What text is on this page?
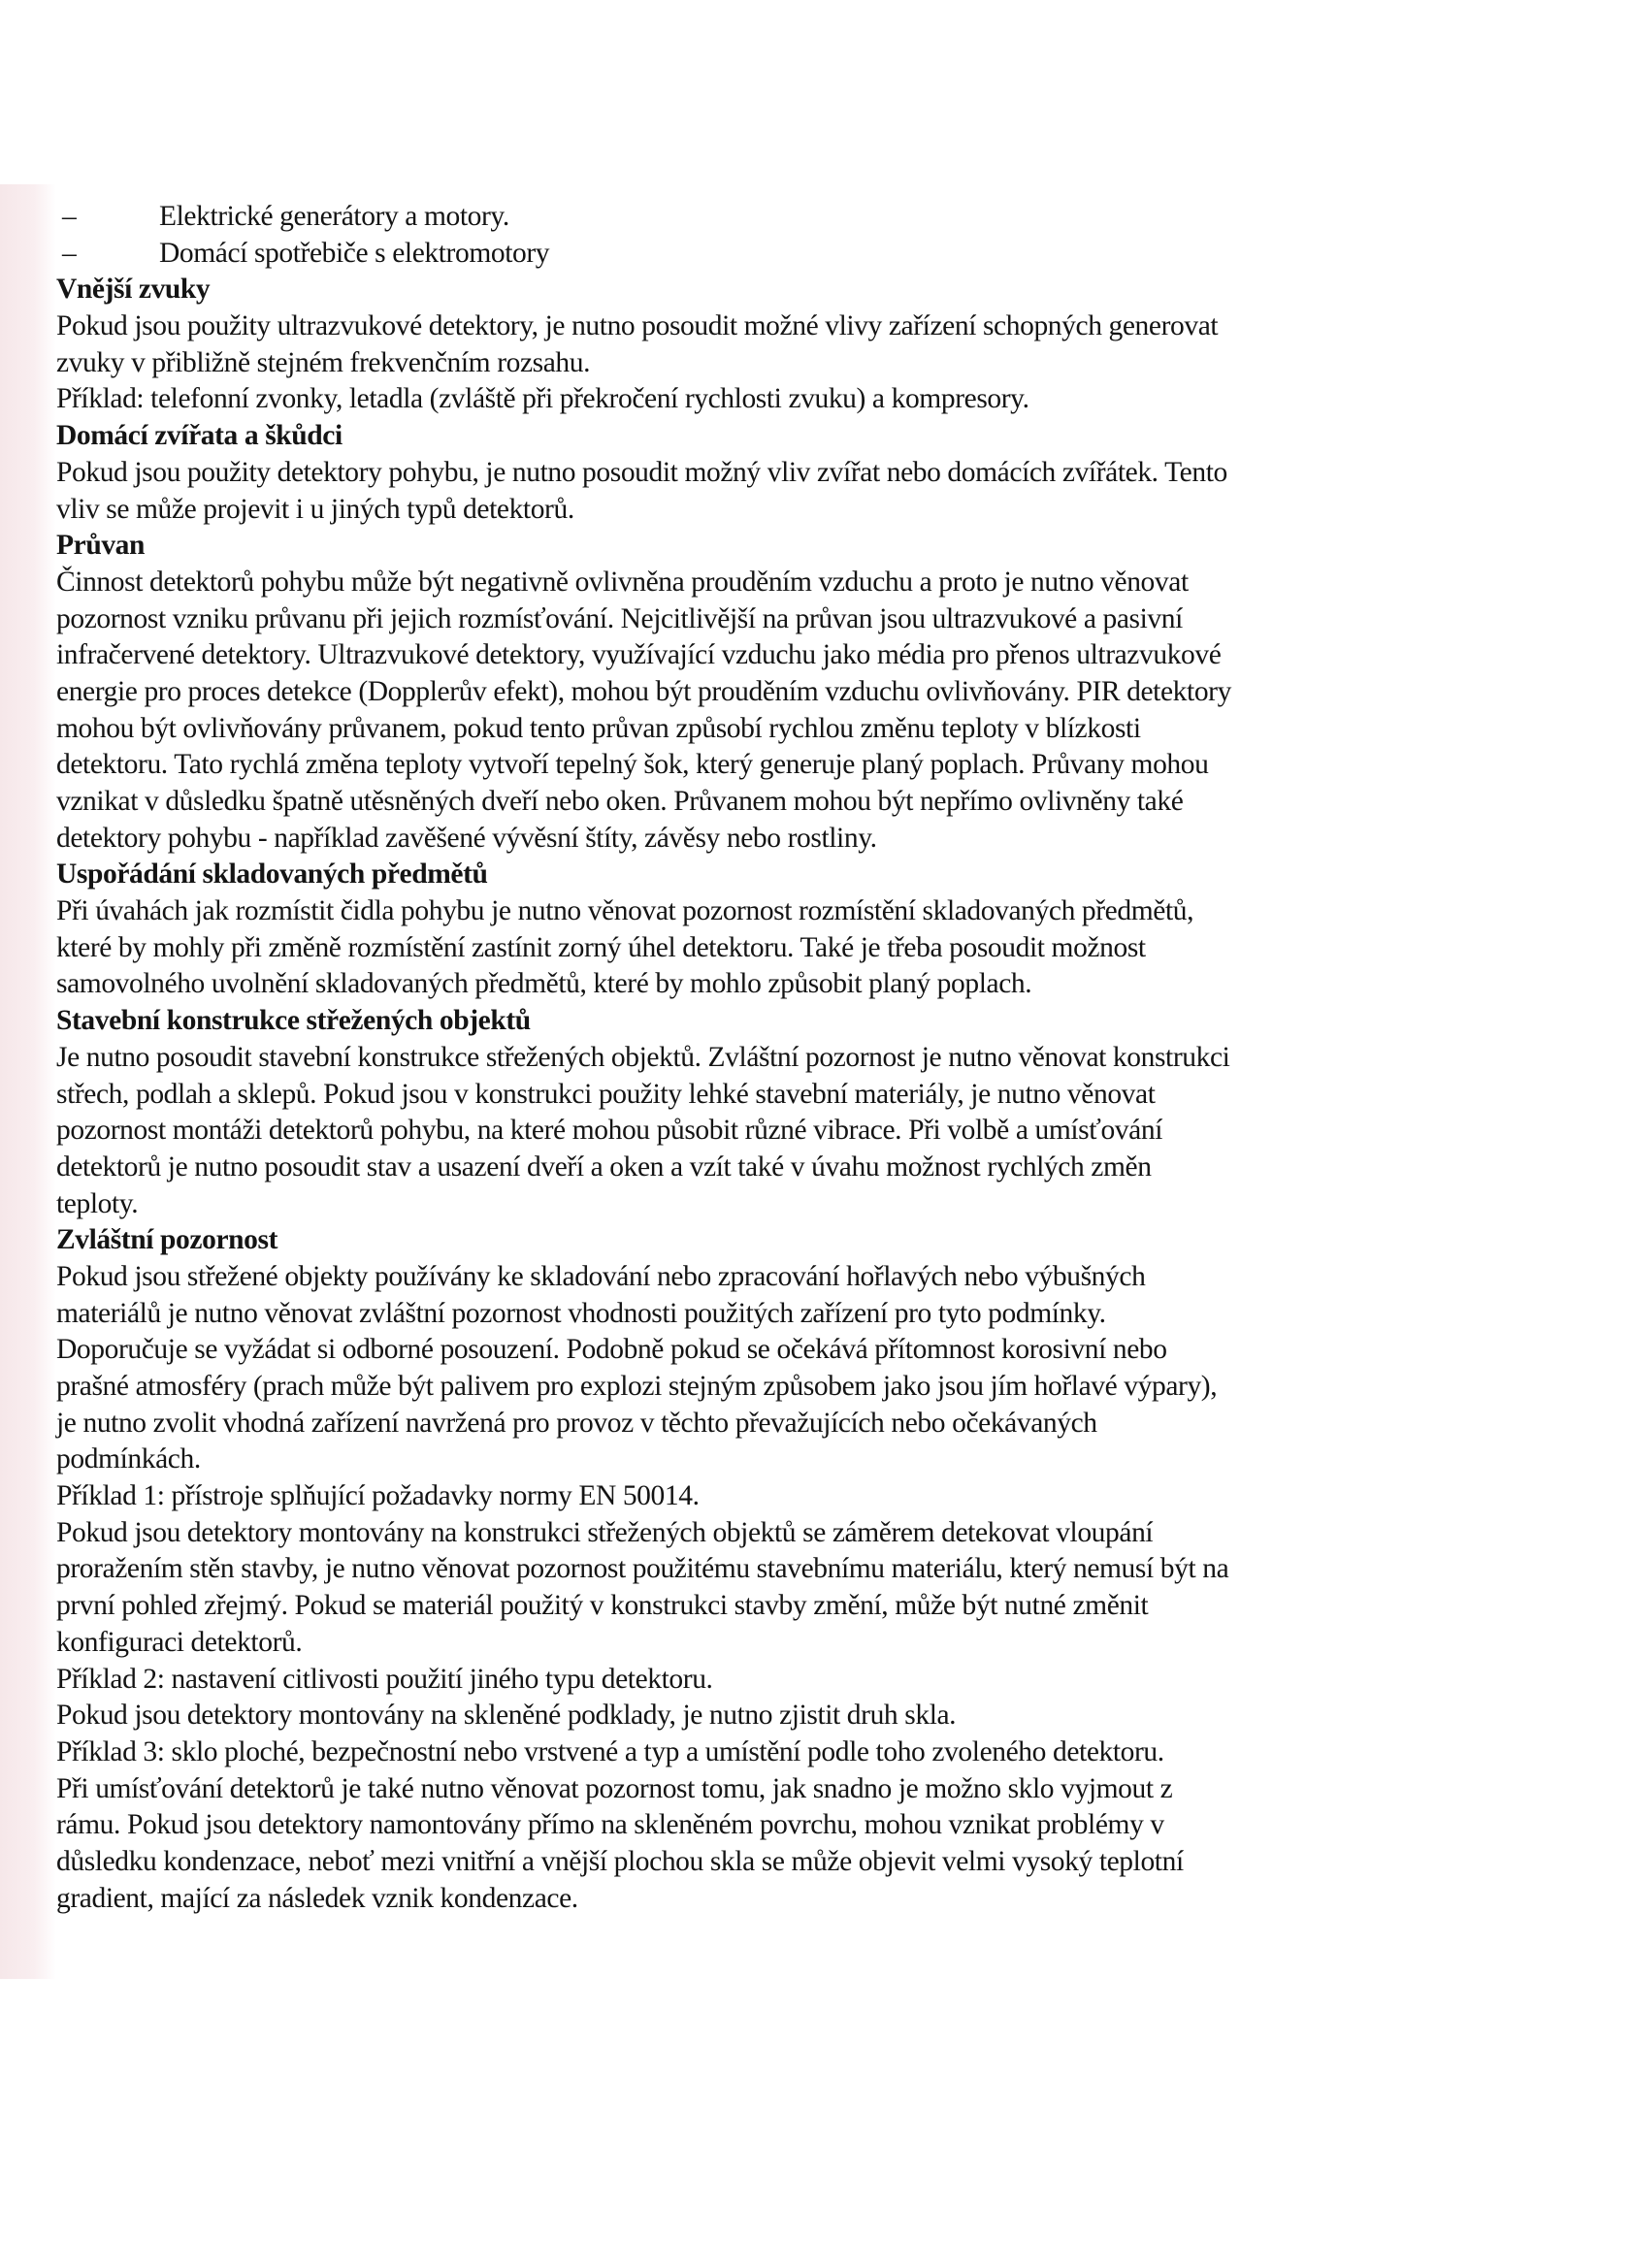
–	Elektrické generátory a motory.
–	Domácí spotřebiče s elektromotory
Vnější zvuky
Pokud jsou použity ultrazvukové detektory, je nutno posoudit možné vlivy zařízení schopných generovat
zvuky v přibližně stejném frekvenčním rozsahu.
Příklad: telefonní zvonky, letadla (zvláště při překročení rychlosti zvuku) a kompresory.
Domácí zvířata a škůdci
Pokud jsou použity detektory pohybu, je nutno posoudit možný vliv zvířat nebo domácích zvířátek. Tento
vliv se může projevit i u jiných typů detektorů.
Průvan
Činnost detektorů pohybu může být negativně ovlivněna prouděním vzduchu a proto je nutno věnovat
pozornost vzniku průvanu při jejich rozmísťování. Nejcitlivější na průvan jsou ultrazvukové a pasivní
infračervené detektory. Ultrazvukové detektory, využívající vzduchu jako média pro přenos ultrazvukové
energie pro proces detekce (Dopplerův efekt), mohou být prouděním vzduchu ovlivňovány. PIR detektory
mohou být ovlivňovány průvanem, pokud tento průvan způsobí rychlou změnu teploty v blízkosti
detektoru. Tato rychlá změna teploty vytvoří tepelný šok, který generuje planý poplach. Průvany mohou
vznikat v důsledku špatně utěsněných dveří nebo oken. Průvanem mohou být nepřímo ovlivněny také
detektory pohybu - například zavěšené vývěsní štíty, závěsy nebo rostliny.
Uspořádání skladovaných předmětů
Při úvahách jak rozmístit čidla pohybu je nutno věnovat pozornost rozmístění skladovaných předmětů,
které by mohly při změně rozmístění zastínit zorný úhel detektoru. Také je třeba posoudit možnost
samovolného uvolnění skladovaných předmětů, které by mohlo způsobit planý poplach.
Stavební konstrukce střežených objektů
Je nutno posoudit stavební konstrukce střežených objektů. Zvláštní pozornost je nutno věnovat konstrukci
střech, podlah a sklepů. Pokud jsou v konstrukci použity lehké stavební materiály, je nutno věnovat
pozornost montáži detektorů pohybu, na které mohou působit různé vibrace. Při volbě a umísťování
detektorů je nutno posoudit stav a usazení dveří a oken a vzít také v úvahu možnost rychlých změn
teploty.
Zvláštní pozornost
Pokud jsou střežené objekty používány ke skladování nebo zpracování hořlavých nebo výbušných
materiálů je nutno věnovat zvláštní pozornost vhodnosti použitých zařízení pro tyto podmínky.
Doporučuje se vyžádat si odborné posouzení. Podobně pokud se očekává přítomnost korosivní nebo
prašné atmosféry (prach může být palivem pro explozi stejným způsobem jako jsou jím hořlavé výpary),
je nutno zvolit vhodná zařízení navržená pro provoz v těchto převažujících nebo očekávaných
podmínkách.
Příklad 1: přístroje splňující požadavky normy EN 50014.
Pokud jsou detektory montovány na konstrukci střežených objektů se záměrem detekovat vloupání
proražením stěn stavby, je nutno věnovat pozornost použitému stavebnímu materiálu, který nemusí být na
první pohled zřejmý. Pokud se materiál použitý v konstrukci stavby změní, může být nutné změnit
konfiguraci detektorů.
Příklad 2: nastavení citlivosti použití jiného typu detektoru.
Pokud jsou detektory montovány na skleněné podklady, je nutno zjistit druh skla.
Příklad 3: sklo ploché, bezpečnostní nebo vrstvené a typ a umístění podle toho zvoleného detektoru.
Při umísťování detektorů je také nutno věnovat pozornost tomu, jak snadno je možno sklo vyjmout z
rámu. Pokud jsou detektory namontovány přímo na skleněném povrchu, mohou vznikat problémy v
důsledku kondenzace, neboť mezi vnitřní a vnější plochou skla se může objevit velmi vysoký teplotní
gradient, mající za následek vznik kondenzace.
